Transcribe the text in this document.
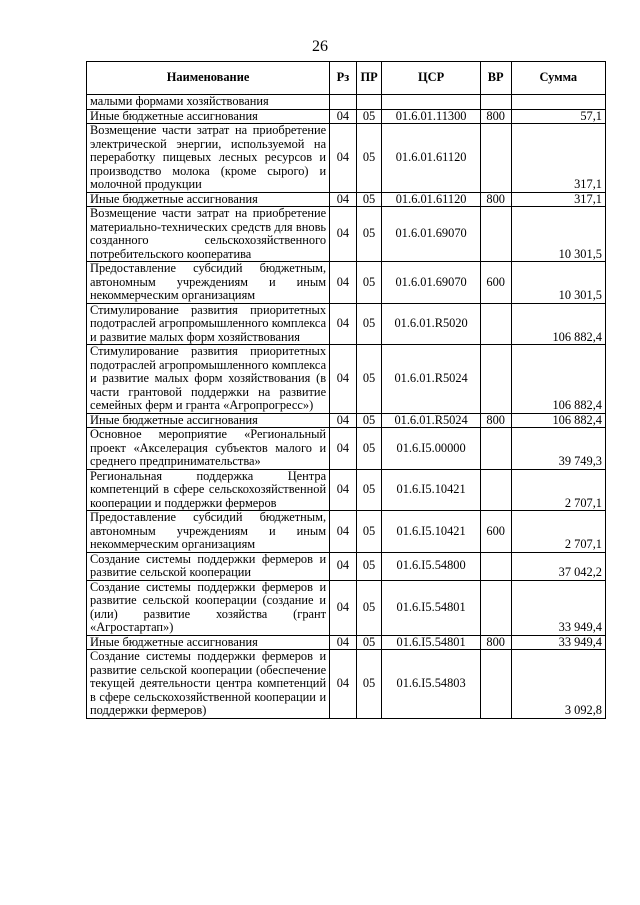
26
Наименование	Рз	ПР	ЦСР	ВР	Сумма
малыми формами хозяйствования					
Иные бюджетные ассигнования	04	05	01.6.01.11300	800	57,1
Возмещение части затрат на приобретение электрической энергии, используемой на переработку пищевых лесных ресурсов и производство молока (кроме сырого) и молочной продукции	04	05	01.6.01.61120		317,1
Иные бюджетные ассигнования	04	05	01.6.01.61120	800	317,1
Возмещение части затрат на приобретение материально-технических средств для вновь созданного сельскохозяйственного потребительского кооператива	04	05	01.6.01.69070		10 301,5
Предоставление субсидий бюджетным, автономным учреждениям и иным некоммерческим организациям	04	05	01.6.01.69070	600	10 301,5
Стимулирование развития приоритетных подотраслей агропромышленного комплекса и развитие малых форм хозяйствования	04	05	01.6.01.R5020		106 882,4
Стимулирование развития приоритетных подотраслей агропромышленного комплекса и развитие малых форм хозяйствования (в части грантовой поддержки на развитие семейных ферм и гранта «Агропрогресс»)	04	05	01.6.01.R5024		106 882,4
Иные бюджетные ассигнования	04	05	01.6.01.R5024	800	106 882,4
Основное мероприятие «Региональный проект «Акселерация субъектов малого и среднего предпринимательства»	04	05	01.6.I5.00000		39 749,3
Региональная поддержка Центра компетенций в сфере сельскохозяйственной кооперации и поддержки фермеров	04	05	01.6.I5.10421		2 707,1
Предоставление субсидий бюджетным, автономным учреждениям и иным некоммерческим организациям	04	05	01.6.I5.10421	600	2 707,1
Создание системы поддержки фермеров и развитие сельской кооперации	04	05	01.6.I5.54800		37 042,2
Создание системы поддержки фермеров и развитие сельской кооперации (создание и (или) развитие хозяйства (грант «Агростартап»)	04	05	01.6.I5.54801		33 949,4
Иные бюджетные ассигнования	04	05	01.6.I5.54801	800	33 949,4
Создание системы поддержки фермеров и развитие сельской кооперации (обеспечение текущей деятельности центра компетенций в сфере сельскохозяйственной кооперации и поддержки фермеров)	04	05	01.6.I5.54803		3 092,8
